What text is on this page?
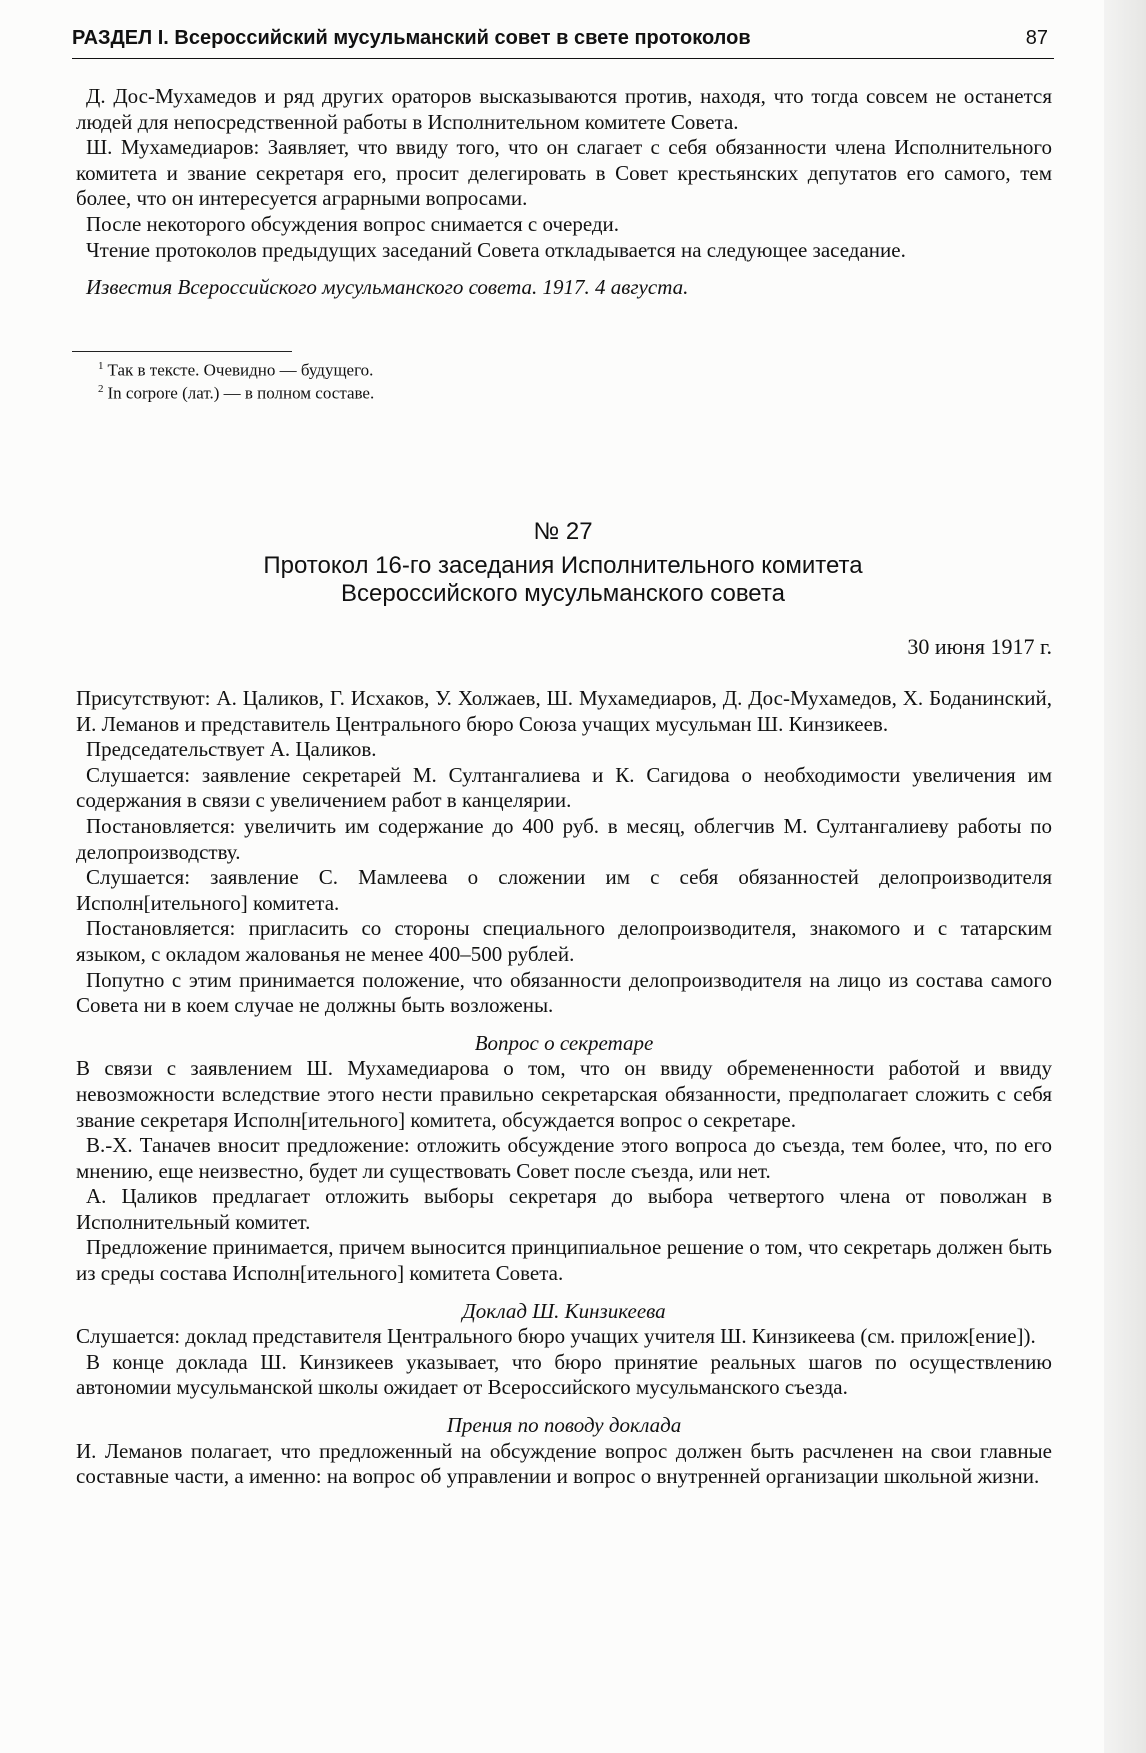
РАЗДЕЛ I. Всероссийский мусульманский совет в свете протоколов	87

Д. Дос-Мухамедов и ряд других ораторов высказываются против, находя, что тогда совсем не останется людей для непосредственной работы в Исполнительном комитете Совета.

Ш. Мухамедиаров: Заявляет, что ввиду того, что он слагает с себя обязанности члена Исполнительного комитета и звание секретаря его, просит делегировать в Совет крестьянских депутатов его самого, тем более, что он интересуется аграрными вопросами.

После некоторого обсуждения вопрос снимается с очереди.

Чтение протоколов предыдущих заседаний Совета откладывается на следующее заседание.

Известия Всероссийского мусульманского совета. 1917. 4 августа.

$^1$ Так в тексте. Очевидно — будущего.
$^2$ In corpore (лат.) — в полном составе.
№ 27
Протокол 16-го заседания Исполнительного комитета
Всероссийского мусульманского совета
30 июня 1917 г.

Присутствуют: А. Цаликов, Г. Исхаков, У. Холжаев, Ш. Мухамедиаров, Д. Дос-Мухамедов, Х. Боданинский, И. Леманов и представитель Центрального бюро Союза учащих мусульман Ш. Кинзикеев.

Председательствует А. Цаликов.

Слушается: заявление секретарей М. Султангалиева и К. Сагидова о необходимости увеличения им содержания в связи с увеличением работ в канцелярии.

Постановляется: увеличить им содержание до 400 руб. в месяц, облегчив М. Султангалиеву работы по делопроизводству.

Слушается: заявление С. Мамлеева о сложении им с себя обязанностей делопроизводителя Исполн[ительного] комитета.

Постановляется: пригласить со стороны специального делопроизводителя, знакомого и с татарским языком, с окладом жалованья не менее 400–500 рублей.

Попутно с этим принимается положение, что обязанности делопроизводителя на лицо из состава самого Совета ни в коем случае не должны быть возложены.

Вопрос о секретаре

В связи с заявлением Ш. Мухамедиарова о том, что он ввиду обремененности работой и ввиду невозможности вследствие этого нести правильно секретарская обязанности, предполагает сложить с себя звание секретаря Исполн[ительного] комитета, обсуждается вопрос о секретаре.

В.-Х. Таначев вносит предложение: отложить обсуждение этого вопроса до съезда, тем более, что, по его мнению, еще неизвестно, будет ли существовать Совет после съезда, или нет.

А. Цаликов предлагает отложить выборы секретаря до выбора четвертого члена от поволжан в Исполнительный комитет.

Предложение принимается, причем выносится принципиальное решение о том, что секретарь должен быть из среды состава Исполн[ительного] комитета Совета.

Доклад Ш. Кинзикеева

Слушается: доклад представителя Центрального бюро учащих учителя Ш. Кинзикеева (см. прилож[ение]).

В конце доклада Ш. Кинзикеев указывает, что бюро принятие реальных шагов по осуществлению автономии мусульманской школы ожидает от Всероссийского мусульманского съезда.

Прения по поводу доклада

И. Леманов полагает, что предложенный на обсуждение вопрос должен быть расчленен на свои главные составные части, а именно: на вопрос об управлении и вопрос о внутренней организации школьной жизни.
